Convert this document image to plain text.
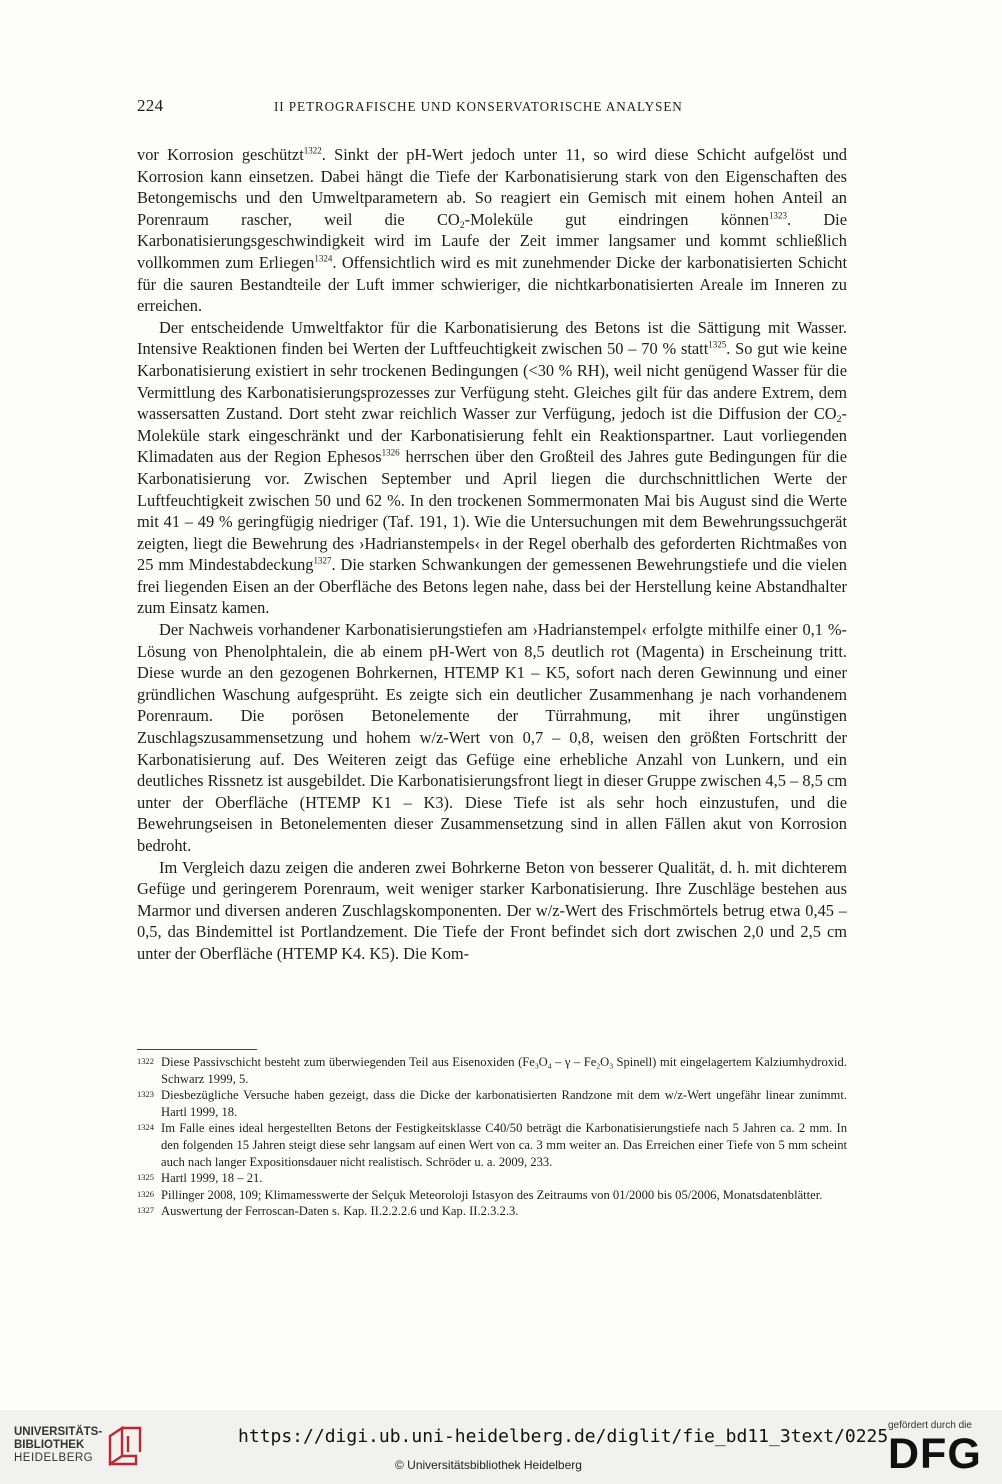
224	II PETROGRAFISCHE UND KONSERVATORISCHE ANALYSEN

vor Korrosion geschützt$^{1322}$. Sinkt der pH-Wert jedoch unter 11, so wird diese Schicht aufgelöst und Korrosion kann einsetzen. Dabei hängt die Tiefe der Karbonatisierung stark von den Eigenschaften des Betongemischs und den Umweltparametern ab. So reagiert ein Gemisch mit einem hohen Anteil an Porenraum rascher, weil die $CO_2$-Moleküle gut eindringen können$^{1323}$. Die Karbonatisierungsgeschwindigkeit wird im Laufe der Zeit immer langsamer und kommt schließlich vollkommen zum Erliegen$^{1324}$. Offensichtlich wird es mit zunehmender Dicke der karbonatisierten Schicht für die sauren Bestandteile der Luft immer schwieriger, die nichtkarbonatisierten Areale im Inneren zu erreichen.

Der entscheidende Umweltfaktor für die Karbonatisierung des Betons ist die Sättigung mit Wasser. Intensive Reaktionen finden bei Werten der Luftfeuchtigkeit zwischen 50 – 70 % statt$^{1325}$. So gut wie keine Karbonatisierung existiert in sehr trockenen Bedingungen (<30 % RH), weil nicht genügend Wasser für die Vermittlung des Karbonatisierungsprozesses zur Verfügung steht. Gleiches gilt für das andere Extrem, dem wassersatten Zustand. Dort steht zwar reichlich Wasser zur Verfügung, jedoch ist die Diffusion der $CO_2$-Moleküle stark eingeschränkt und der Karbonatisierung fehlt ein Reaktionspartner. Laut vorliegenden Klimadaten aus der Region Ephesos$^{1326}$ herrschen über den Großteil des Jahres gute Bedingungen für die Karbonatisierung vor. Zwischen September und April liegen die durchschnittlichen Werte der Luftfeuchtigkeit zwischen 50 und 62 %. In den trockenen Sommermonaten Mai bis August sind die Werte mit 41 – 49 % geringfügig niedriger (Taf. 191, 1). Wie die Untersuchungen mit dem Bewehrungssuchgerät zeigten, liegt die Bewehrung des ›Hadrianstempels‹ in der Regel oberhalb des geforderten Richtmaßes von 25 mm Mindestabdeckung$^{1327}$. Die starken Schwankungen der gemessenen Bewehrungstiefe und die vielen frei liegenden Eisen an der Oberfläche des Betons legen nahe, dass bei der Herstellung keine Abstandhalter zum Einsatz kamen.

Der Nachweis vorhandener Karbonatisierungstiefen am ›Hadrianstempel‹ erfolgte mithilfe einer 0,1 %-Lösung von Phenolphtalein, die ab einem pH-Wert von 8,5 deutlich rot (Magenta) in Erscheinung tritt. Diese wurde an den gezogenen Bohrkernen, HTEMP K1 – K5, sofort nach deren Gewinnung und einer gründlichen Waschung aufgesprüht. Es zeigte sich ein deutlicher Zusammenhang je nach vorhandenem Porenraum. Die porösen Betonelemente der Türrahmung, mit ihrer ungünstigen Zuschlagszusammensetzung und hohem w/z-Wert von 0,7 – 0,8, weisen den größten Fortschritt der Karbonatisierung auf. Des Weiteren zeigt das Gefüge eine erhebliche Anzahl von Lunkern, und ein deutliches Rissnetz ist ausgebildet. Die Karbonatisierungsfront liegt in dieser Gruppe zwischen 4,5 – 8,5 cm unter der Oberfläche (HTEMP K1 – K3). Diese Tiefe ist als sehr hoch einzustufen, und die Bewehrungseisen in Betonelementen dieser Zusammensetzung sind in allen Fällen akut von Korrosion bedroht.

Im Vergleich dazu zeigen die anderen zwei Bohrkerne Beton von besserer Qualität, d. h. mit dichterem Gefüge und geringerem Porenraum, weit weniger starker Karbonatisierung. Ihre Zuschläge bestehen aus Marmor und diversen anderen Zuschlagskomponenten. Der w/z-Wert des Frischmörtels betrug etwa 0,45 – 0,5, das Bindemittel ist Portlandzement. Die Tiefe der Front befindet sich dort zwischen 2,0 und 2,5 cm unter der Oberfläche (HTEMP K4. K5). Die Kom-

1322 Diese Passivschicht besteht zum überwiegenden Teil aus Eisenoxiden ($Fe_3O_4$ – γ – $Fe_2O_3$ Spinell) mit eingelagertem Kalziumhydroxid. Schwarz 1999, 5.
1323 Diesbezügliche Versuche haben gezeigt, dass die Dicke der karbonatisierten Randzone mit dem w/z-Wert ungefähr linear zunimmt. Hartl 1999, 18.
1324 Im Falle eines ideal hergestellten Betons der Festigkeitsklasse C40/50 beträgt die Karbonatisierungstiefe nach 5 Jahren ca. 2 mm. In den folgenden 15 Jahren steigt diese sehr langsam auf einen Wert von ca. 3 mm weiter an. Das Erreichen einer Tiefe von 5 mm scheint auch nach langer Expositionsdauer nicht realistisch. Schröder u. a. 2009, 233.
1325 Hartl 1999, 18 – 21.
1326 Pillinger 2008, 109; Klimamesswerte der Selçuk Meteoroloji Istasyon des Zeitraums von 01/2000 bis 05/2006, Monatsdatenblätter.
1327 Auswertung der Ferroscan-Daten s. Kap. II.2.2.2.6 und Kap. II.2.3.2.3.
UNIVERSITÄTS-
BIBLIOTHEK
HEIDELBERG
https://digi.ub.uni-heidelberg.de/diglit/fie_bd11_3text/0225
© Universitätsbibliothek Heidelberg
gefördert durch die
DFG
